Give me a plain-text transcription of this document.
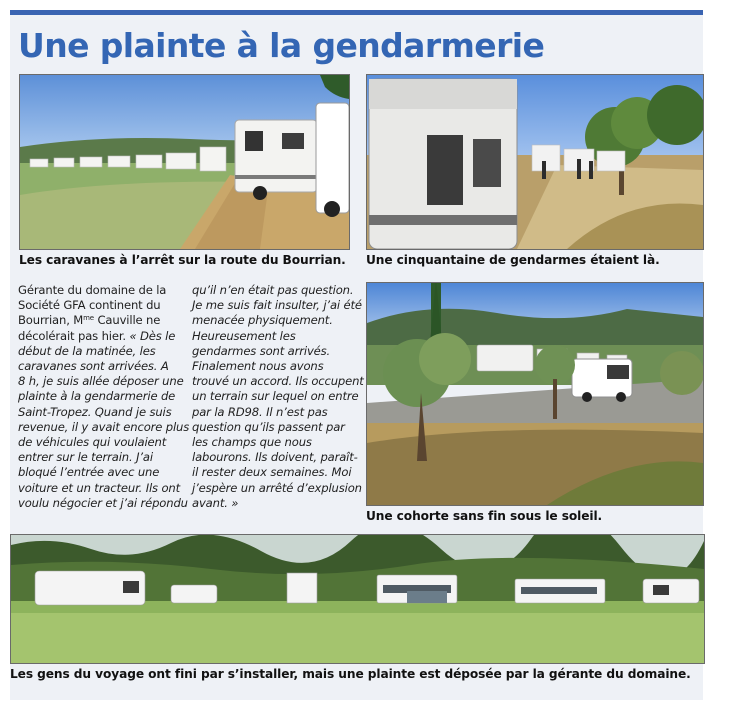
Une plainte à la gendarmerie
Les caravanes à l’arrêt sur la route du Bourrian. Une cinquantaine de gendarmes étaient là.
Gérante du domaine de la
Société GFA continent du
Bourrian, $M^{me}$ Cauville ne
décolérait pas hier. « Dès le
début de la matinée, les
caravanes sont arrivées. A
8 h, je suis allée déposer une
plainte à la gendarmerie de
Saint-Tropez. Quand je suis
revenue, il y avait encore plus
de véhicules qui voulaient
entrer sur le terrain. J’ai
bloqué l’entrée avec une
voiture et un tracteur. Ils ont
voulu négocier et j’ai répondu
qu’il n’en était pas question.
Je me suis fait insulter, j’ai été
menacée physiquement.
Heureusement les
gendarmes sont arrivés.
Finalement nous avons
trouvé un accord. Ils occupent
un terrain sur lequel on entre
par la RD98. Il n’est pas
question qu’ils passent par
les champs que nous
labourons. Ils doivent, paraît-
il rester deux semaines. Moi
j’espère un arrêté d’explusion
avant. »
Une cohorte sans fin sous le soleil.
Les gens du voyage ont fini par s’installer, mais une plainte est déposée par la gérante du domaine.
